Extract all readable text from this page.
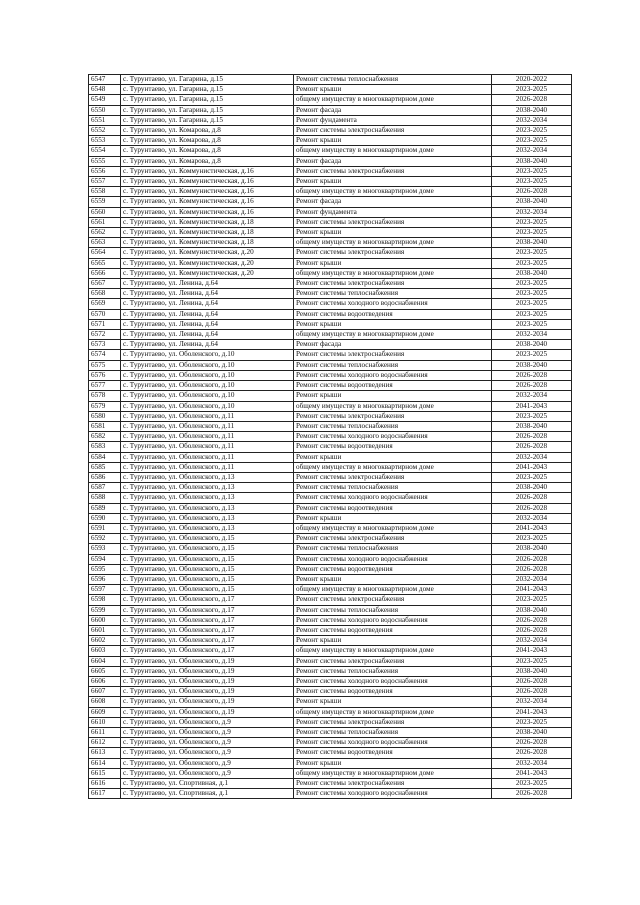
6547	с. Турунтаево, ул. Гагарина, д.15	Ремонт системы теплоснабжения	2020-2022
6548	с. Турунтаево, ул. Гагарина, д.15	Ремонт крыши	2023-2025
6549	с. Турунтаево, ул. Гагарина, д.15	общему имуществу в многоквартирном доме	2026-2028
6550	с. Турунтаево, ул. Гагарина, д.15	Ремонт фасада	2038-2040
6551	с. Турунтаево, ул. Гагарина, д.15	Ремонт фундамента	2032-2034
6552	с. Турунтаево, ул. Комарова, д.8	Ремонт системы электроснабжения	2023-2025
6553	с. Турунтаево, ул. Комарова, д.8	Ремонт крыши	2023-2025
6554	с. Турунтаево, ул. Комарова, д.8	общему имуществу в многоквартирном доме	2032-2034
6555	с. Турунтаево, ул. Комарова, д.8	Ремонт фасада	2038-2040
6556	с. Турунтаево, ул. Коммунистическая, д.16	Ремонт системы электроснабжения	2023-2025
6557	с. Турунтаево, ул. Коммунистическая, д.16	Ремонт крыши	2023-2025
6558	с. Турунтаево, ул. Коммунистическая, д.16	общему имуществу в многоквартирном доме	2026-2028
6559	с. Турунтаево, ул. Коммунистическая, д.16	Ремонт фасада	2038-2040
6560	с. Турунтаево, ул. Коммунистическая, д.16	Ремонт фундамента	2032-2034
6561	с. Турунтаево, ул. Коммунистическая, д.18	Ремонт системы электроснабжения	2023-2025
6562	с. Турунтаево, ул. Коммунистическая, д.18	Ремонт крыши	2023-2025
6563	с. Турунтаево, ул. Коммунистическая, д.18	общему имуществу в многоквартирном доме	2038-2040
6564	с. Турунтаево, ул. Коммунистическая, д.20	Ремонт системы электроснабжения	2023-2025
6565	с. Турунтаево, ул. Коммунистическая, д.20	Ремонт крыши	2023-2025
6566	с. Турунтаево, ул. Коммунистическая, д.20	общему имуществу в многоквартирном доме	2038-2040
6567	с. Турунтаево, ул. Ленина, д.64	Ремонт системы электроснабжения	2023-2025
6568	с. Турунтаево, ул. Ленина, д.64	Ремонт системы теплоснабжения	2023-2025
6569	с. Турунтаево, ул. Ленина, д.64	Ремонт системы холодного водоснабжения	2023-2025
6570	с. Турунтаево, ул. Ленина, д.64	Ремонт системы водоотведения	2023-2025
6571	с. Турунтаево, ул. Ленина, д.64	Ремонт крыши	2023-2025
6572	с. Турунтаево, ул. Ленина, д.64	общему имуществу в многоквартирном доме	2032-2034
6573	с. Турунтаево, ул. Ленина, д.64	Ремонт фасада	2038-2040
6574	с. Турунтаево, ул. Оболенского, д.10	Ремонт системы электроснабжения	2023-2025
6575	с. Турунтаево, ул. Оболенского, д.10	Ремонт системы теплоснабжения	2038-2040
6576	с. Турунтаево, ул. Оболенского, д.10	Ремонт системы холодного водоснабжения	2026-2028
6577	с. Турунтаево, ул. Оболенского, д.10	Ремонт системы водоотведения	2026-2028
6578	с. Турунтаево, ул. Оболенского, д.10	Ремонт крыши	2032-2034
6579	с. Турунтаево, ул. Оболенского, д.10	общему имуществу в многоквартирном доме	2041-2043
6580	с. Турунтаево, ул. Оболенского, д.11	Ремонт системы электроснабжения	2023-2025
6581	с. Турунтаево, ул. Оболенского, д.11	Ремонт системы теплоснабжения	2038-2040
6582	с. Турунтаево, ул. Оболенского, д.11	Ремонт системы холодного водоснабжения	2026-2028
6583	с. Турунтаево, ул. Оболенского, д.11	Ремонт системы водоотведения	2026-2028
6584	с. Турунтаево, ул. Оболенского, д.11	Ремонт крыши	2032-2034
6585	с. Турунтаево, ул. Оболенского, д.11	общему имуществу в многоквартирном доме	2041-2043
6586	с. Турунтаево, ул. Оболенского, д.13	Ремонт системы электроснабжения	2023-2025
6587	с. Турунтаево, ул. Оболенского, д.13	Ремонт системы теплоснабжения	2038-2040
6588	с. Турунтаево, ул. Оболенского, д.13	Ремонт системы холодного водоснабжения	2026-2028
6589	с. Турунтаево, ул. Оболенского, д.13	Ремонт системы водоотведения	2026-2028
6590	с. Турунтаево, ул. Оболенского, д.13	Ремонт крыши	2032-2034
6591	с. Турунтаево, ул. Оболенского, д.13	общему имуществу в многоквартирном доме	2041-2043
6592	с. Турунтаево, ул. Оболенского, д.15	Ремонт системы электроснабжения	2023-2025
6593	с. Турунтаево, ул. Оболенского, д.15	Ремонт системы теплоснабжения	2038-2040
6594	с. Турунтаево, ул. Оболенского, д.15	Ремонт системы холодного водоснабжения	2026-2028
6595	с. Турунтаево, ул. Оболенского, д.15	Ремонт системы водоотведения	2026-2028
6596	с. Турунтаево, ул. Оболенского, д.15	Ремонт крыши	2032-2034
6597	с. Турунтаево, ул. Оболенского, д.15	общему имуществу в многоквартирном доме	2041-2043
6598	с. Турунтаево, ул. Оболенского, д.17	Ремонт системы электроснабжения	2023-2025
6599	с. Турунтаево, ул. Оболенского, д.17	Ремонт системы теплоснабжения	2038-2040
6600	с. Турунтаево, ул. Оболенского, д.17	Ремонт системы холодного водоснабжения	2026-2028
6601	с. Турунтаево, ул. Оболенского, д.17	Ремонт системы водоотведения	2026-2028
6602	с. Турунтаево, ул. Оболенского, д.17	Ремонт крыши	2032-2034
6603	с. Турунтаево, ул. Оболенского, д.17	общему имуществу в многоквартирном доме	2041-2043
6604	с. Турунтаево, ул. Оболенского, д.19	Ремонт системы электроснабжения	2023-2025
6605	с. Турунтаево, ул. Оболенского, д.19	Ремонт системы теплоснабжения	2038-2040
6606	с. Турунтаево, ул. Оболенского, д.19	Ремонт системы холодного водоснабжения	2026-2028
6607	с. Турунтаево, ул. Оболенского, д.19	Ремонт системы водоотведения	2026-2028
6608	с. Турунтаево, ул. Оболенского, д.19	Ремонт крыши	2032-2034
6609	с. Турунтаево, ул. Оболенского, д.19	общему имуществу в многоквартирном доме	2041-2043
6610	с. Турунтаево, ул. Оболенского, д.9	Ремонт системы электроснабжения	2023-2025
6611	с. Турунтаево, ул. Оболенского, д.9	Ремонт системы теплоснабжения	2038-2040
6612	с. Турунтаево, ул. Оболенского, д.9	Ремонт системы холодного водоснабжения	2026-2028
6613	с. Турунтаево, ул. Оболенского, д.9	Ремонт системы водоотведения	2026-2028
6614	с. Турунтаево, ул. Оболенского, д.9	Ремонт крыши	2032-2034
6615	с. Турунтаево, ул. Оболенского, д.9	общему имуществу в многоквартирном доме	2041-2043
6616	с. Турунтаево, ул. Спортивная, д.1	Ремонт системы электроснабжения	2023-2025
6617	с. Турунтаево, ул. Спортивная, д.1	Ремонт системы холодного водоснабжения	2026-2028
